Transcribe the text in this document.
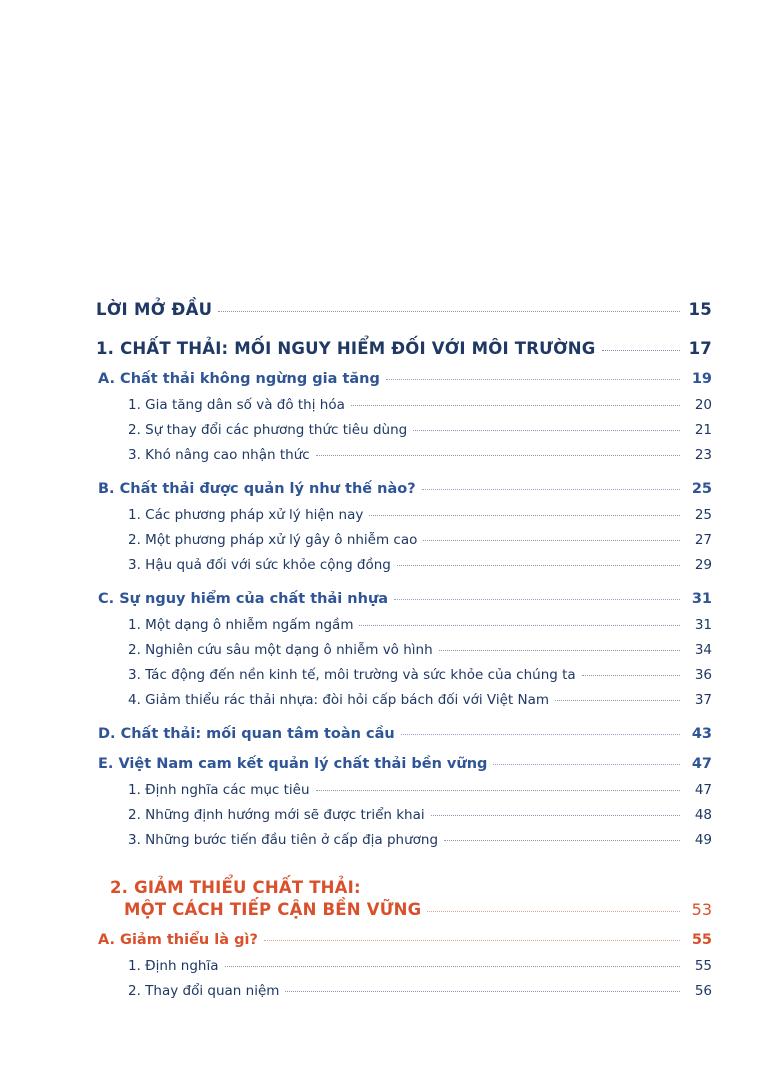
LỜI MỞ ĐẦU	15
1. CHẤT THẢI: MỐI NGUY HIỂM ĐỐI VỚI MÔI TRƯỜNG	17
A. Chất thải không ngừng gia tăng	19
1. Gia tăng dân số và đô thị hóa	20
2. Sự thay đổi các phương thức tiêu dùng	21
3. Khó nâng cao nhận thức	23
B. Chất thải được quản lý như thế nào?	25
1. Các phương pháp xử lý hiện nay	25
2. Một phương pháp xử lý gây ô nhiễm cao	27
3. Hậu quả đối với sức khỏe cộng đồng	29
C. Sự nguy hiểm của chất thải nhựa	31
1. Một dạng ô nhiễm ngấm ngầm	31
2. Nghiên cứu sâu một dạng ô nhiễm vô hình	34
3. Tác động đến nền kinh tế, môi trường và sức khỏe của chúng ta	36
4. Giảm thiểu rác thải nhựa: đòi hỏi cấp bách đối với Việt Nam	37
D. Chất thải: mối quan tâm toàn cầu	43
E. Việt Nam cam kết quản lý chất thải bền vững	47
1. Định nghĩa các mục tiêu	47
2. Những định hướng mới sẽ được triển khai	48
3. Những bước tiến đầu tiên ở cấp địa phương	49
2. GIẢM THIỂU CHẤT THẢI:
MỘT CÁCH TIẾP CẬN BỀN VỮNG	53
A. Giảm thiểu là gì?	55
1. Định nghĩa	55
2. Thay đổi quan niệm	56
